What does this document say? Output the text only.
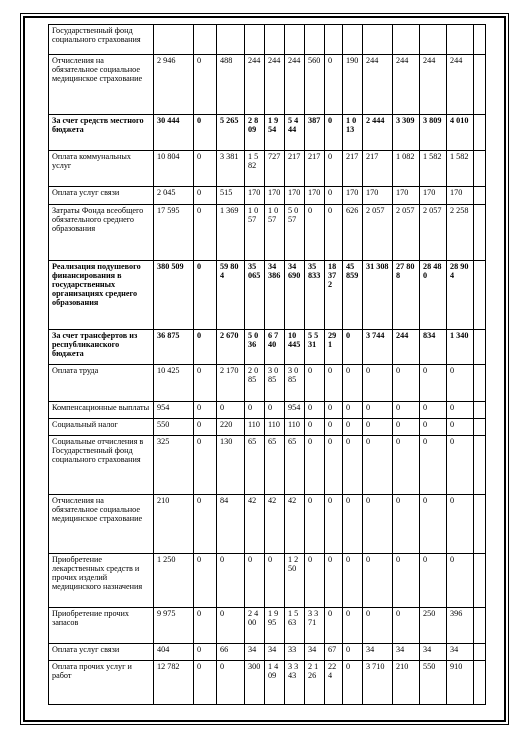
Государственный фонд социального страхования														
Отчисления на обязательное социальное медицинское страхование	2 946	0	488	244	244	244	560	0	190	244	244	244	244	
За счет средств местного бюджета	30 444	0	5 265	2 809	1 954	5 444	387	0	1 013	2 444	3 309	3 809	4 010	
Оплата коммунальных услуг	10 804	0	3 381	1 582	727	217	217	0	217	217	1 082	1 582	1 582	
Оплата услуг связи	2 045	0	515	170	170	170	170	0	170	170	170	170	170	
Затраты Фонда всеобщего обязательного среднего образования	17 595	0	1 369	1 057	1 057	5 057	0	0	626	2 057	2 057	2 057	2 258	
Реализация подушевого финансирования в государственных организациях среднего образования	380 509	0	59 804	35 065	34 386	34 690	35 833	18 372	45 859	31 308	27 808	28 480	28 904	
За счет трансфертов из республиканского бюджета	36 875	0	2 670	5 036	6 740	10 445	5 531	291	0	3 744	244	834	1 340	
Оплата труда	10 425	0	2 170	2 085	3 085	3 085	0	0	0	0	0	0	0	
Компенсационные выплаты	954	0	0	0	0	954	0	0	0	0	0	0	0	
Социальный налог	550	0	220	110	110	110	0	0	0	0	0	0	0	
Социальные отчисления в Государственный фонд социального страхования	325	0	130	65	65	65	0	0	0	0	0	0	0	
Отчисления на обязательное социальное медицинское страхование	210	0	84	42	42	42	0	0	0	0	0	0	0	
Приобретение лекарственных средств и прочих изделий медицинского назначения	1 250	0	0	0	0	1 250	0	0	0	0	0	0	0	
Приобретение прочих запасов	9 975	0	0	2 400	1 995	1 563	3 371	0	0	0	0	250	396	
Оплата услуг связи	404	0	66	34	34	33	34	67	0	34	34	34	34	
Оплата прочих услуг и работ	12 782	0	0	300	1 409	3 343	2 126	224	0	3 710	210	550	910	
